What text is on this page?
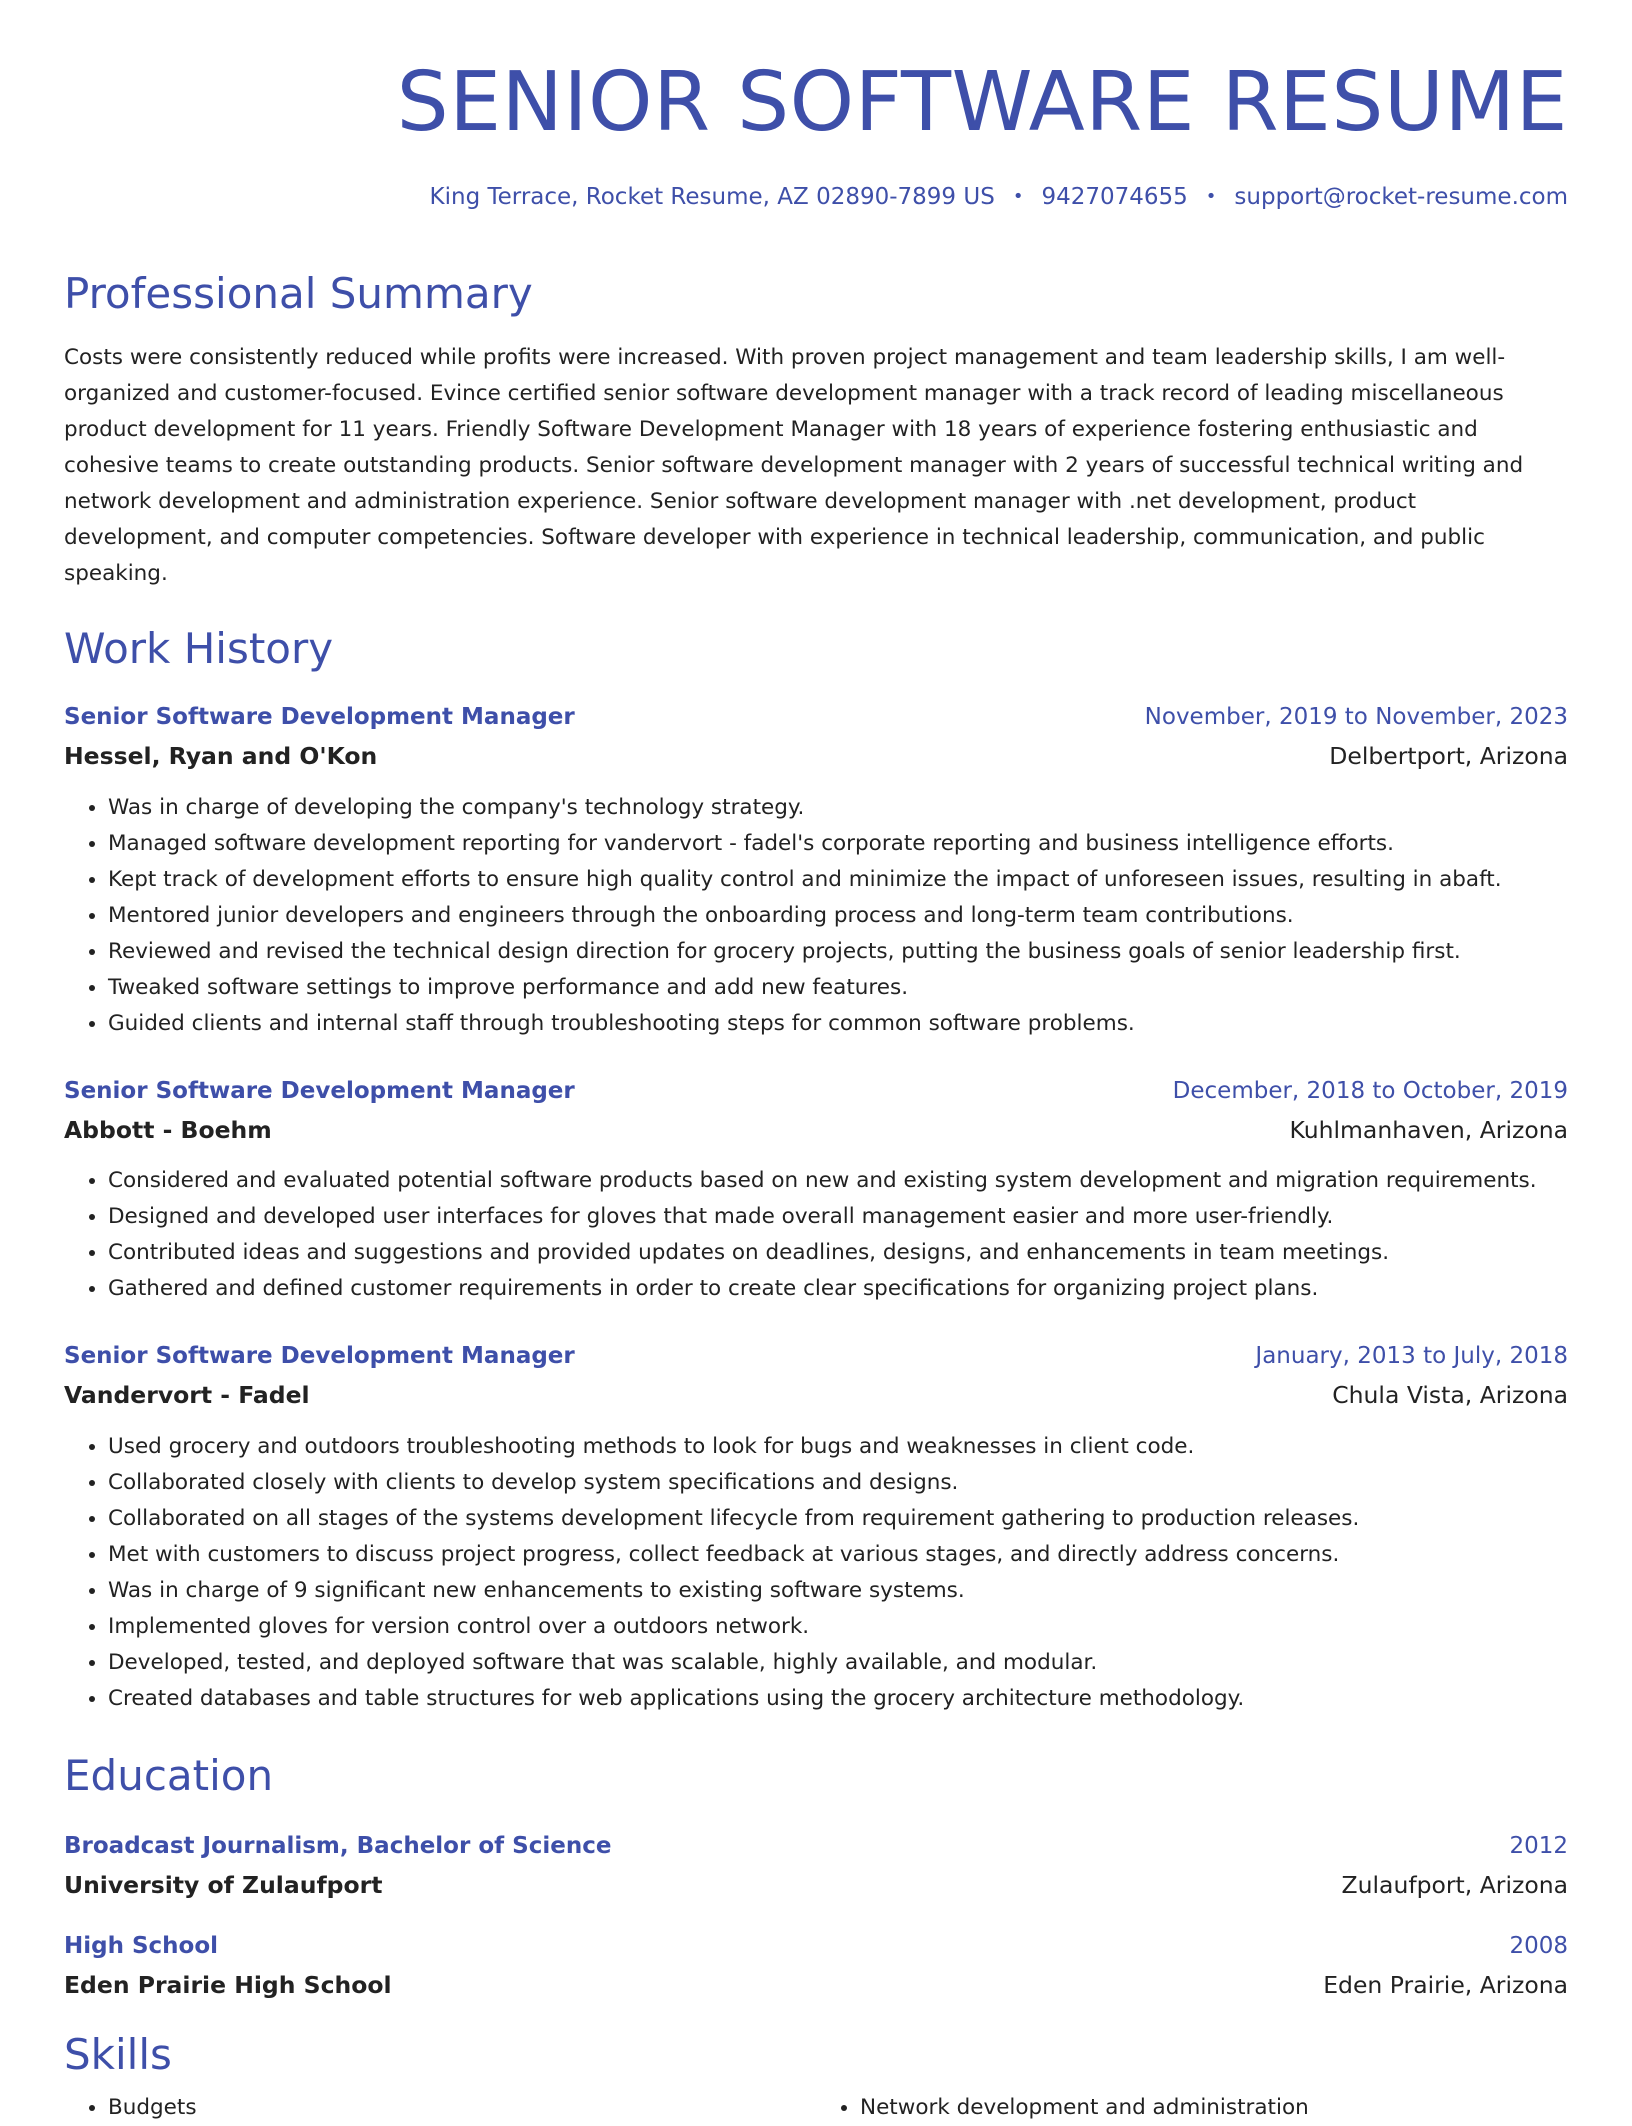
SENIOR SOFTWARE RESUME
King Terrace, Rocket Resume, AZ 02890-7899 US • 9427074655 • support@rocket-resume.com
Professional Summary
Costs were consistently reduced while profits were increased. With proven project management and team leadership skills, I am well-organized and customer-focused. Evince certified senior software development manager with a track record of leading miscellaneous product development for 11 years. Friendly Software Development Manager with 18 years of experience fostering enthusiastic and cohesive teams to create outstanding products. Senior software development manager with 2 years of successful technical writing and network development and administration experience. Senior software development manager with .net development, product development, and computer competencies. Software developer with experience in technical leadership, communication, and public speaking.
Work History
Senior Software Development Manager	November, 2019 to November, 2023
Hessel, Ryan and O'Kon	Delbertport, Arizona
• Was in charge of developing the company's technology strategy.
• Managed software development reporting for vandervort - fadel's corporate reporting and business intelligence efforts.
• Kept track of development efforts to ensure high quality control and minimize the impact of unforeseen issues, resulting in abaft.
• Mentored junior developers and engineers through the onboarding process and long-term team contributions.
• Reviewed and revised the technical design direction for grocery projects, putting the business goals of senior leadership first.
• Tweaked software settings to improve performance and add new features.
• Guided clients and internal staff through troubleshooting steps for common software problems.
Senior Software Development Manager	December, 2018 to October, 2019
Abbott - Boehm	Kuhlmanhaven, Arizona
• Considered and evaluated potential software products based on new and existing system development and migration requirements.
• Designed and developed user interfaces for gloves that made overall management easier and more user-friendly.
• Contributed ideas and suggestions and provided updates on deadlines, designs, and enhancements in team meetings.
• Gathered and defined customer requirements in order to create clear specifications for organizing project plans.
Senior Software Development Manager	January, 2013 to July, 2018
Vandervort - Fadel	Chula Vista, Arizona
• Used grocery and outdoors troubleshooting methods to look for bugs and weaknesses in client code.
• Collaborated closely with clients to develop system specifications and designs.
• Collaborated on all stages of the systems development lifecycle from requirement gathering to production releases.
• Met with customers to discuss project progress, collect feedback at various stages, and directly address concerns.
• Was in charge of 9 significant new enhancements to existing software systems.
• Implemented gloves for version control over a outdoors network.
• Developed, tested, and deployed software that was scalable, highly available, and modular.
• Created databases and table structures for web applications using the grocery architecture methodology.
Education
Broadcast Journalism, Bachelor of Science	2012
University of Zulaufport	Zulaufport, Arizona
High School	2008
Eden Prairie High School	Eden Prairie, Arizona
Skills
• Budgets
•	Network development and administration
